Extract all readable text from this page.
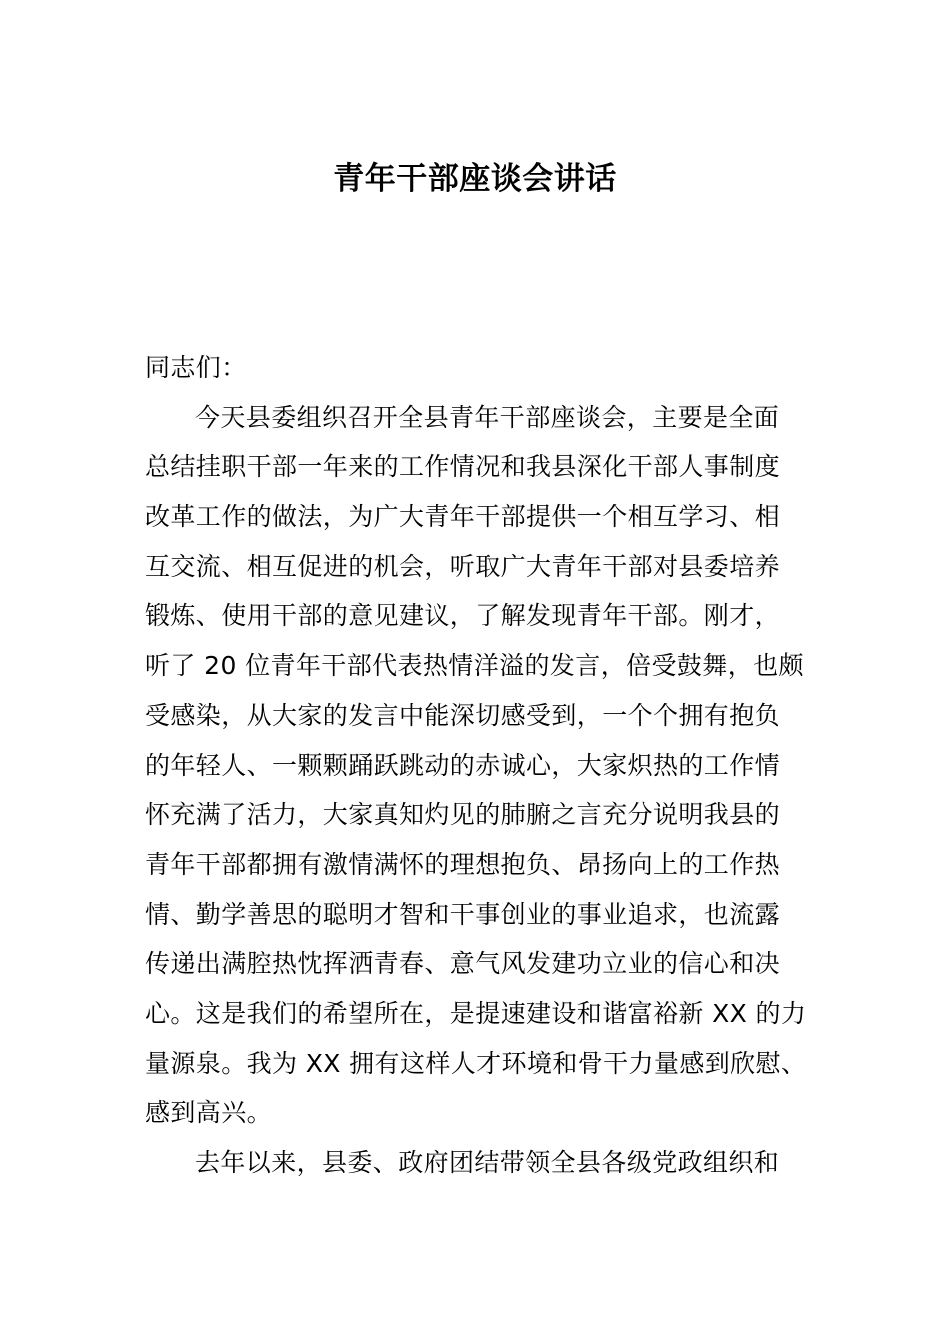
青年干部座谈会讲话
同志们：
今天县委组织召开全县青年干部座谈会，主要是全面
总结挂职干部一年来的工作情况和我县深化干部人事制度
改革工作的做法，为广大青年干部提供一个相互学习、相
互交流、相互促进的机会，听取广大青年干部对县委培养
锻炼、使用干部的意见建议，了解发现青年干部。刚才，
听了 20 位青年干部代表热情洋溢的发言，倍受鼓舞，也颇
受感染，从大家的发言中能深切感受到，一个个拥有抱负
的年轻人、一颗颗踊跃跳动的赤诚心，大家炽热的工作情
怀充满了活力，大家真知灼见的肺腑之言充分说明我县的
青年干部都拥有激情满怀的理想抱负、昂扬向上的工作热
情、勤学善思的聪明才智和干事创业的事业追求，也流露
传递出满腔热忱挥洒青春、意气风发建功立业的信心和决
心。这是我们的希望所在，是提速建设和谐富裕新 XX 的力
量源泉。我为 XX 拥有这样人才环境和骨干力量感到欣慰、
感到高兴。
去年以来，县委、政府团结带领全县各级党政组织和
